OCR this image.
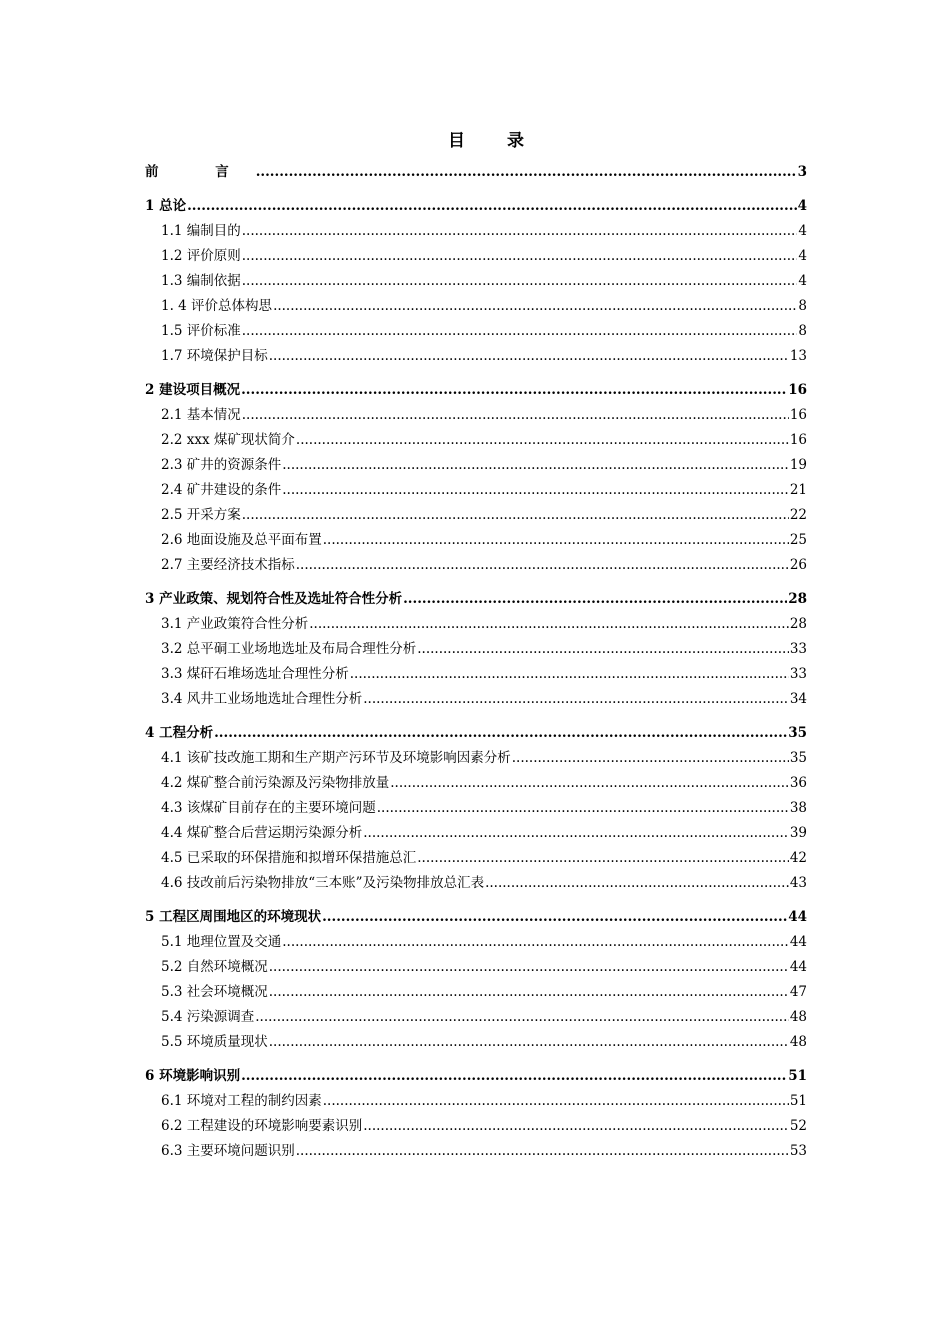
目 录
前 言 .....	3
1 总论 .....	4
1.1 编制目的 .....	4
1.2 评价原则 .....	4
1.3 编制依据 .....	4
1. 4 评价总体构思 .....	8
1.5 评价标准 .....	8
1.7 环境保护目标 .....	13
2 建设项目概况 .....	16
2.1 基本情况 .....	16
2.2 xxx 煤矿现状简介 .....	16
2.3 矿井的资源条件 .....	19
2.4 矿井建设的条件 .....	21
2.5 开采方案 .....	22
2.6 地面设施及总平面布置 .....	25
2.7 主要经济技术指标 .....	26
3 产业政策、规划符合性及选址符合性分析 .....	28
3.1 产业政策符合性分析 .....	28
3.2 总平硐工业场地选址及布局合理性分析 .....	33
3.3 煤矸石堆场选址合理性分析 .....	33
3.4 风井工业场地选址合理性分析 .....	34
4 工程分析 .....	35
4.1 该矿技改施工期和生产期产污环节及环境影响因素分析 .....	35
4.2 煤矿整合前污染源及污染物排放量 .....	36
4.3 该煤矿目前存在的主要环境问题 .....	38
4.4 煤矿整合后营运期污染源分析 .....	39
4.5 已采取的环保措施和拟增环保措施总汇 .....	42
4.6 技改前后污染物排放“三本账”及污染物排放总汇表 .....	43
5 工程区周围地区的环境现状 .....	44
5.1 地理位置及交通 .....	44
5.2 自然环境概况 .....	44
5.3 社会环境概况 .....	47
5.4 污染源调查 .....	48
5.5 环境质量现状 .....	48
6 环境影响识别 .....	51
6.1 环境对工程的制约因素 .....	51
6.2 工程建设的环境影响要素识别 .....	52
6.3 主要环境问题识别 .....	53
